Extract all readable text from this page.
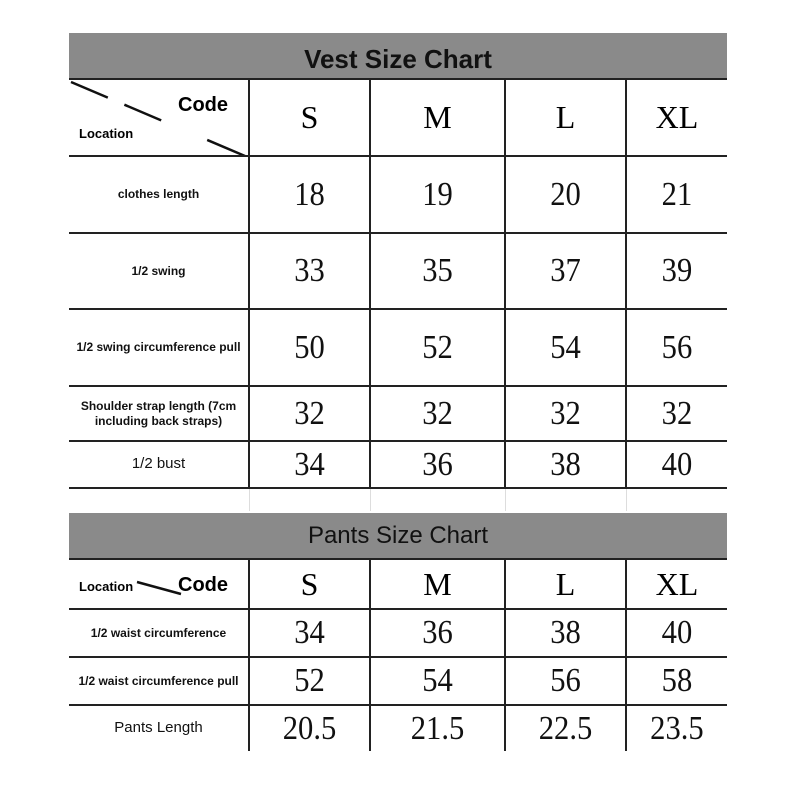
Vest Size Chart
Code
Location	S	M	L	XL
clothes length	18	19	20	21
1/2 swing	33	35	37	39
1/2 swing circumference pull	50	52	54	56
Shoulder strap length (7cm including back straps)	32	32	32	32
1/2 bust	34	36	38	40
Pants Size Chart
Code
Location	S	M	L	XL
1/2 waist circumference	34	36	38	40
1/2 waist circumference pull	52	54	56	58
Pants Length	20.5	21.5	22.5	23.5
